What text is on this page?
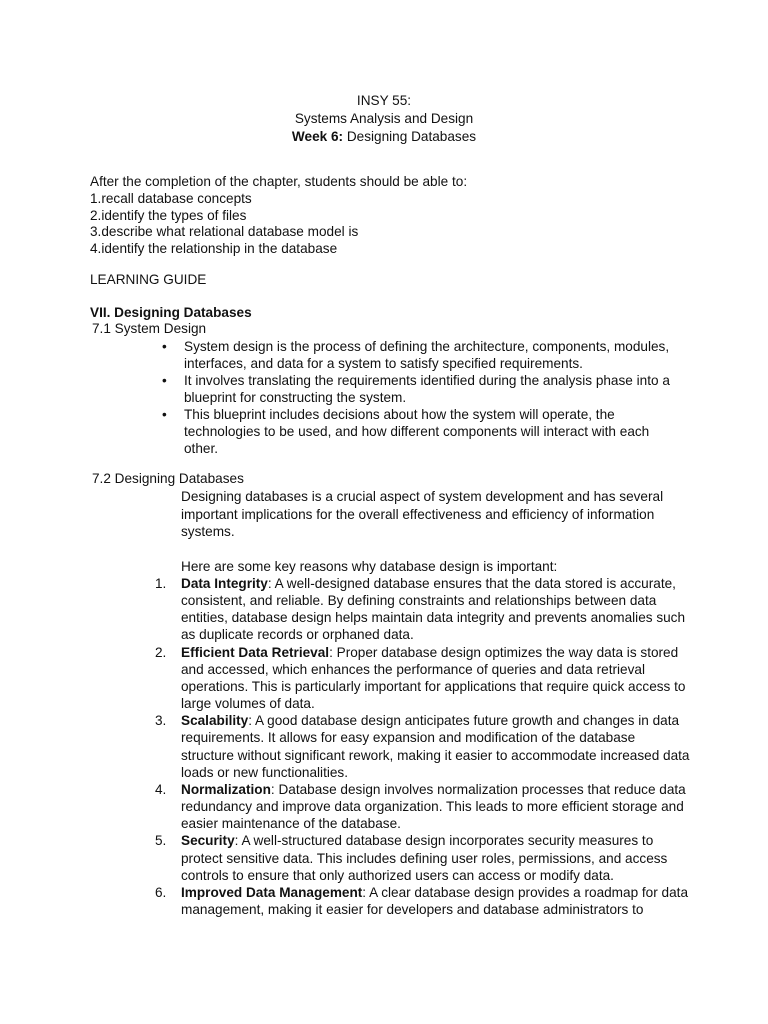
INSY 55:
Systems Analysis and Design
Week 6: Designing Databases
After the completion of the chapter, students should be able to:
1.recall database concepts
2.identify the types of files
3.describe what relational database model is
4.identify the relationship in the database
LEARNING GUIDE
VII. Designing Databases
7.1 System Design
• System design is the process of defining the architecture, components, modules, interfaces, and data for a system to satisfy specified requirements.
• It involves translating the requirements identified during the analysis phase into a blueprint for constructing the system.
• This blueprint includes decisions about how the system will operate, the technologies to be used, and how different components will interact with each other.
7.2 Designing Databases
Designing databases is a crucial aspect of system development and has several important implications for the overall effectiveness and efficiency of information systems.
Here are some key reasons why database design is important:
1. Data Integrity: A well-designed database ensures that the data stored is accurate, consistent, and reliable. By defining constraints and relationships between data entities, database design helps maintain data integrity and prevents anomalies such as duplicate records or orphaned data.
2. Efficient Data Retrieval: Proper database design optimizes the way data is stored and accessed, which enhances the performance of queries and data retrieval operations. This is particularly important for applications that require quick access to large volumes of data.
3. Scalability: A good database design anticipates future growth and changes in data requirements. It allows for easy expansion and modification of the database structure without significant rework, making it easier to accommodate increased data loads or new functionalities.
4. Normalization: Database design involves normalization processes that reduce data redundancy and improve data organization. This leads to more efficient storage and easier maintenance of the database.
5. Security: A well-structured database design incorporates security measures to protect sensitive data. This includes defining user roles, permissions, and access controls to ensure that only authorized users can access or modify data.
6. Improved Data Management: A clear database design provides a roadmap for data management, making it easier for developers and database administrators to
